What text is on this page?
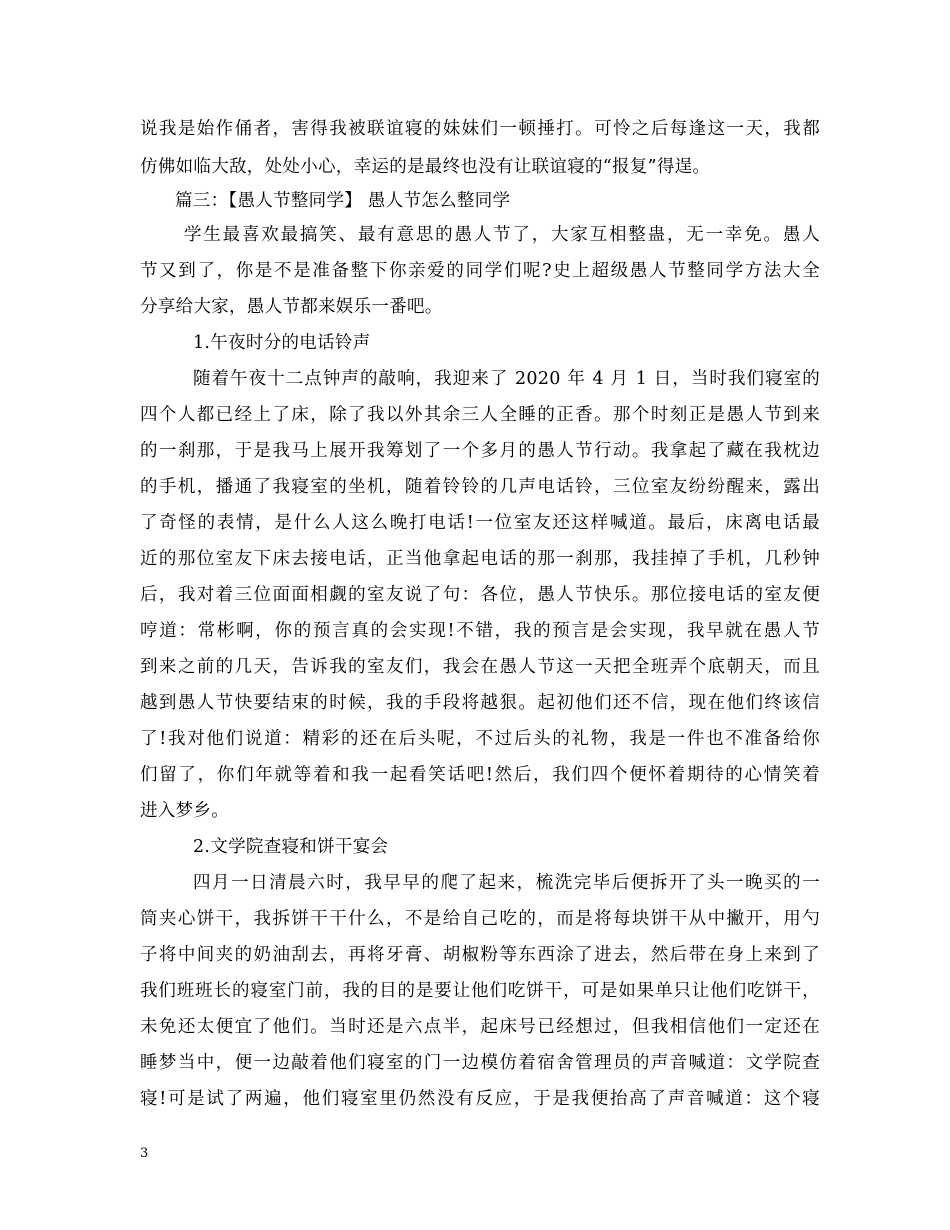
说我是始作俑者，害得我被联谊寝的妹妹们一顿捶打。可怜之后每逢这一天，我都
仿佛如临大敌，处处小心，幸运的是最终也没有让联谊寝的“报复”得逞。
篇三：【愚人节整同学】 愚人节怎么整同学
学生最喜欢最搞笑、最有意思的愚人节了，大家互相整蛊，无一幸免。愚人
节又到了，你是不是准备整下你亲爱的同学们呢?史上超级愚人节整同学方法大全
分享给大家，愚人节都来娱乐一番吧。
1.午夜时分的电话铃声
随着午夜十二点钟声的敲响，我迎来了 2020 年 4 月 1 日，当时我们寝室的
四个人都已经上了床，除了我以外其余三人全睡的正香。那个时刻正是愚人节到来
的一刹那，于是我马上展开我筹划了一个多月的愚人节行动。我拿起了藏在我枕边
的手机，播通了我寝室的坐机，随着铃铃的几声电话铃，三位室友纷纷醒来，露出
了奇怪的表情，是什么人这么晚打电话!一位室友还这样喊道。最后，床离电话最
近的那位室友下床去接电话，正当他拿起电话的那一刹那，我挂掉了手机，几秒钟
后，我对着三位面面相觑的室友说了句：各位，愚人节快乐。那位接电话的室友便
哼道：常彬啊，你的预言真的会实现!不错，我的预言是会实现，我早就在愚人节
到来之前的几天，告诉我的室友们，我会在愚人节这一天把全班弄个底朝天，而且
越到愚人节快要结束的时候，我的手段将越狠。起初他们还不信，现在他们终该信
了!我对他们说道：精彩的还在后头呢，不过后头的礼物，我是一件也不准备给你
们留了，你们年就等着和我一起看笑话吧!然后，我们四个便怀着期待的心情笑着
进入梦乡。
2.文学院查寝和饼干宴会
四月一日清晨六时，我早早的爬了起来，梳洗完毕后便拆开了头一晚买的一
筒夹心饼干，我拆饼干干什么，不是给自己吃的，而是将每块饼干从中撇开，用勺
子将中间夹的奶油刮去，再将牙膏、胡椒粉等东西涂了进去，然后带在身上来到了
我们班班长的寝室门前，我的目的是要让他们吃饼干，可是如果单只让他们吃饼干，
未免还太便宜了他们。当时还是六点半，起床号已经想过，但我相信他们一定还在
睡梦当中，便一边敲着他们寝室的门一边模仿着宿舍管理员的声音喊道：文学院查
寝!可是试了两遍，他们寝室里仍然没有反应，于是我便抬高了声音喊道：这个寝
3
